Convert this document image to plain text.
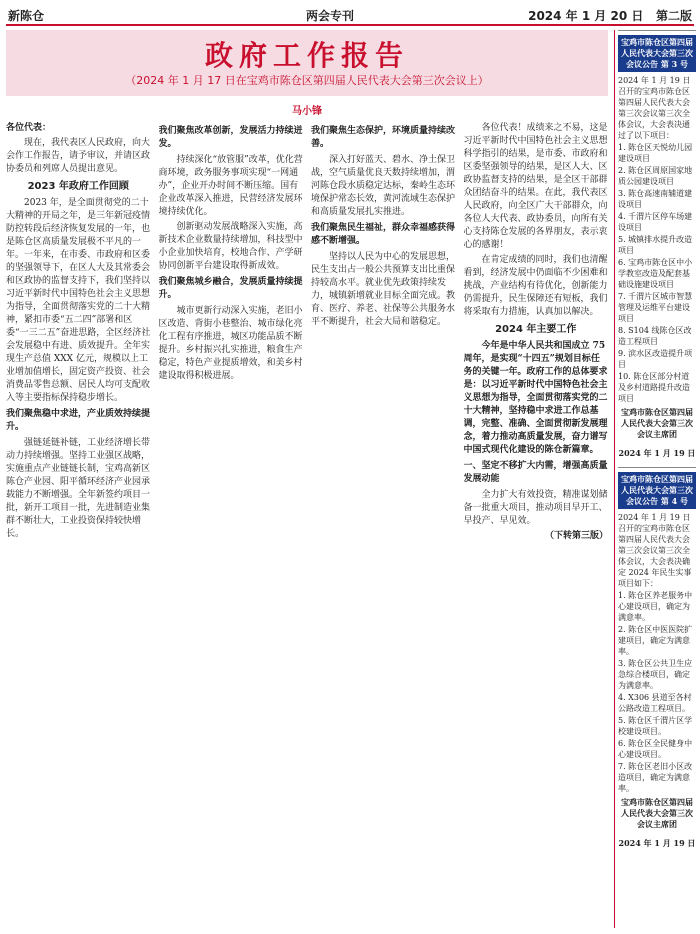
新陈仓	两会专刊	2024 年 1 月 20 日 第二版
政府工作报告
（2024 年 1 月 17 日在宝鸡市陈仓区第四届人民代表大会第三次会议上）
马小锋

各位代表：

现在，我代表区人民政府，向大会作工作报告，请予审议，并请区政协委员和列席人员提出意见。

2023 年政府工作回顾

2023 年，是全面贯彻党的二十大精神的开局之年，是三年新冠疫情防控转段后经济恢复发展的一年，也是陈仓区高质量发展极不平凡的一年。一年来，在市委、市政府和区委的坚强领导下，在区人大及其常委会和区政协的监督支持下，我们坚持以习近平新时代中国特色社会主义思想为指导，全面贯彻落实党的二十大精神，紧扣市委“五二四”部署和区委“一三二五”奋进思路，全区经济社会发展稳中有进、质效提升。全年实现生产总值 XXX 亿元，规模以上工业增加值增长，固定资产投资、社会消费品零售总额、居民人均可支配收入等主要指标保持稳步增长。

我们聚焦稳中求进，产业质效持续提升。

强链延链补链，工业经济增长带动力持续增强。坚持工业强区战略，实施重点产业链链长制，宝鸡高新区陈仓产业园、阳平循环经济产业园承载能力不断增强。全年新签约项目一批，新开工项目一批，先进制造业集群不断壮大，工业投资保持较快增长。

我们聚焦改革创新，发展活力持续迸发。

持续深化“放管服”改革，优化营商环境，政务服务事项实现“一网通办”，企业开办时间不断压缩。国有企业改革深入推进，民营经济发展环境持续优化。

创新驱动发展战略深入实施，高新技术企业数量持续增加，科技型中小企业加快培育，校地合作、产学研协同创新平台建设取得新成效。

我们聚焦城乡融合，发展质量持续提升。

城市更新行动深入实施，老旧小区改造、背街小巷整治、城市绿化亮化工程有序推进，城区功能品质不断提升。乡村振兴扎实推进，粮食生产稳定，特色产业提质增效，和美乡村建设取得积极进展。

我们聚焦生态保护，环境质量持续改善。

深入打好蓝天、碧水、净土保卫战，空气质量优良天数持续增加，渭河陈仓段水质稳定达标，秦岭生态环境保护常态长效，黄河流域生态保护和高质量发展扎实推进。

我们聚焦民生福祉，群众幸福感获得感不断增强。

坚持以人民为中心的发展思想，民生支出占一般公共预算支出比重保持较高水平。就业优先政策持续发力，城镇新增就业目标全面完成。教育、医疗、养老、社保等公共服务水平不断提升，社会大局和谐稳定。

各位代表！成绩来之不易，这是习近平新时代中国特色社会主义思想科学指引的结果，是市委、市政府和区委坚强领导的结果，是区人大、区政协监督支持的结果，是全区干部群众团结奋斗的结果。在此，我代表区人民政府，向全区广大干部群众，向各位人大代表、政协委员，向所有关心支持陈仓发展的各界朋友，表示衷心的感谢！

在肯定成绩的同时，我们也清醒看到，经济发展中仍面临不少困难和挑战，产业结构有待优化，创新能力仍需提升，民生保障还有短板，我们将采取有力措施，认真加以解决。

2024 年主要工作

今年是中华人民共和国成立 75 周年，是实现“十四五”规划目标任务的关键一年。政府工作的总体要求是：以习近平新时代中国特色社会主义思想为指导，全面贯彻落实党的二十大精神，坚持稳中求进工作总基调，完整、准确、全面贯彻新发展理念，着力推动高质量发展，奋力谱写中国式现代化建设的陈仓新篇章。

一、坚定不移扩大内需，增强高质量发展动能

全力扩大有效投资，精准谋划储备一批重大项目，推动项目早开工、早投产、早见效。

（下转第三版）

宝鸡市陈仓区第四届人民代表大会第三次会议公告 第 3 号

2024 年 1 月 19 日召开的宝鸡市陈仓区第四届人民代表大会第三次会议第三次全体会议，大会表决通过了以下项目：

1. 陈仓区天悦幼儿园建设项目

2. 陈仓区周原国家地质公园建设项目

3. 陈仓高速南辅道建设项目

4. 千渭片区停车场建设项目

5. 城镇排水提升改造项目

6. 宝鸡市陈仓区中小学教室改造及配套基础设施建设项目

7. 千渭片区城市智慧管理及运维平台建设项目

8. S104 线陈仓区改造工程项目

9. 滨水区改造提升项目

10. 陈仓区部分村道及乡村道路提升改造项目

宝鸡市陈仓区第四届人民代表大会第三次会议主席团

2024 年 1 月 19 日

宝鸡市陈仓区第四届人民代表大会第三次会议公告 第 4 号

2024 年 1 月 19 日召开的宝鸡市陈仓区第四届人民代表大会第三次会议第三次全体会议，大会表决确定 2024 年民生实事项目如下：

1. 陈仓区养老服务中心建设项目，确定为满意率。

2. 陈仓区中医医院扩建项目，确定为满意率。

3. 陈仓区公共卫生应急综合楼项目，确定为满意率。

4. X306 县道至各村公路改造工程项目。

5. 陈仓区千渭片区学校建设项目。

6. 陈仓区全民健身中心建设项目。

7. 陈仓区老旧小区改造项目，确定为满意率。

宝鸡市陈仓区第四届人民代表大会第三次会议主席团

2024 年 1 月 19 日
